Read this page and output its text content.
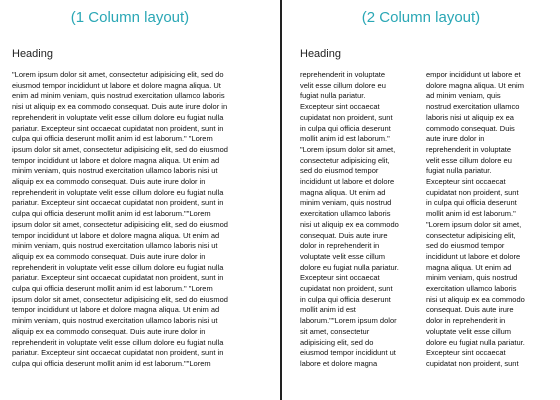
(1 Column layout)
Heading
"Lorem ipsum dolor sit amet, consectetur adipisicing elit, sed do
eiusmod tempor incididunt ut labore et dolore magna aliqua. Ut
enim ad minim veniam, quis nostrud exercitation ullamco laboris
nisi ut aliquip ex ea commodo consequat. Duis aute irure dolor in
reprehenderit in voluptate velit esse cillum dolore eu fugiat nulla
pariatur. Excepteur sint occaecat cupidatat non proident, sunt in
culpa qui officia deserunt mollit anim id est laborum." "Lorem
ipsum dolor sit amet, consectetur adipisicing elit, sed do eiusmod
tempor incididunt ut labore et dolore magna aliqua. Ut enim ad
minim veniam, quis nostrud exercitation ullamco laboris nisi ut
aliquip ex ea commodo consequat. Duis aute irure dolor in
reprehenderit in voluptate velit esse cillum dolore eu fugiat nulla
pariatur. Excepteur sint occaecat cupidatat non proident, sunt in
culpa qui officia deserunt mollit anim id est laborum.""Lorem
ipsum dolor sit amet, consectetur adipisicing elit, sed do eiusmod
tempor incididunt ut labore et dolore magna aliqua. Ut enim ad
minim veniam, quis nostrud exercitation ullamco laboris nisi ut
aliquip ex ea commodo consequat. Duis aute irure dolor in
reprehenderit in voluptate velit esse cillum dolore eu fugiat nulla
pariatur. Excepteur sint occaecat cupidatat non proident, sunt in
culpa qui officia deserunt mollit anim id est laborum." "Lorem
ipsum dolor sit amet, consectetur adipisicing elit, sed do eiusmod
tempor incididunt ut labore et dolore magna aliqua. Ut enim ad
minim veniam, quis nostrud exercitation ullamco laboris nisi ut
aliquip ex ea commodo consequat. Duis aute irure dolor in
reprehenderit in voluptate velit esse cillum dolore eu fugiat nulla
pariatur. Excepteur sint occaecat cupidatat non proident, sunt in
culpa qui officia deserunt mollit anim id est laborum.""Lorem
(2 Column layout)
Heading
reprehenderit in voluptate
velit esse cillum dolore eu
fugiat nulla pariatur.
Excepteur sint occaecat
cupidatat non proident, sunt
in culpa qui officia deserunt
mollit anim id est laborum."
"Lorem ipsum dolor sit amet,
consectetur adipisicing elit,
sed do eiusmod tempor
incididunt ut labore et dolore
magna aliqua. Ut enim ad
minim veniam, quis nostrud
exercitation ullamco laboris
nisi ut aliquip ex ea commodo
consequat. Duis aute irure
dolor in reprehenderit in
voluptate velit esse cillum
dolore eu fugiat nulla pariatur.
Excepteur sint occaecat
cupidatat non proident, sunt
in culpa qui officia deserunt
mollit anim id est
laborum.""Lorem ipsum dolor
sit amet, consectetur
adipisicing elit, sed do
eiusmod tempor incididunt ut
labore et dolore magna
empor incididunt ut labore et
dolore magna aliqua. Ut enim
ad minim veniam, quis
nostrud exercitation ullamco
laboris nisi ut aliquip ex ea
commodo consequat. Duis
aute irure dolor in
reprehenderit in voluptate
velit esse cillum dolore eu
fugiat nulla pariatur.
Excepteur sint occaecat
cupidatat non proident, sunt
in culpa qui officia deserunt
mollit anim id est laborum."
"Lorem ipsum dolor sit amet,
consectetur adipisicing elit,
sed do eiusmod tempor
incididunt ut labore et dolore
magna aliqua. Ut enim ad
minim veniam, quis nostrud
exercitation ullamco laboris
nisi ut aliquip ex ea commodo
consequat. Duis aute irure
dolor in reprehenderit in
voluptate velit esse cillum
dolore eu fugiat nulla pariatur.
Excepteur sint occaecat
cupidatat non proident, sunt
